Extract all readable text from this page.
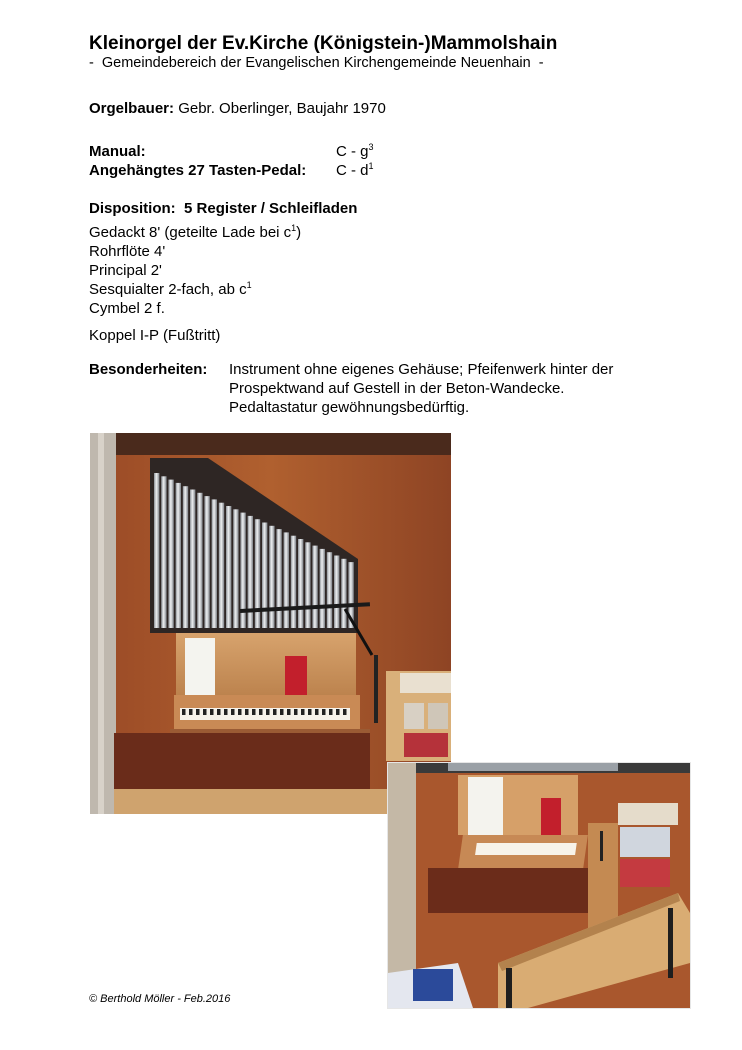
Kleinorgel der Ev.Kirche (Königstein-)Mammolshain
-  Gemeindebereich der Evangelischen Kirchengemeinde Neuenhain  -
Orgelbauer: Gebr. Oberlinger, Baujahr 1970
Manual:	C - $g^3$
Angehängtes 27 Tasten-Pedal: C - $d^1$
Disposition: 5 Register / Schleifladen
Gedackt 8' (geteilte Lade bei $c^1$)
Rohrflöte 4'
Principal 2'
Sesquialter 2-fach, ab $c^1$
Cymbel 2 f.
Koppel I-P (Fußtritt)
Besonderheiten: Instrument ohne eigenes Gehäuse; Pfeifenwerk hinter der
Prospektwand auf Gestell in der Beton-Wandecke.
Pedaltastatur gewöhnungsbedürftig.
© Berthold Möller - Feb.2016
